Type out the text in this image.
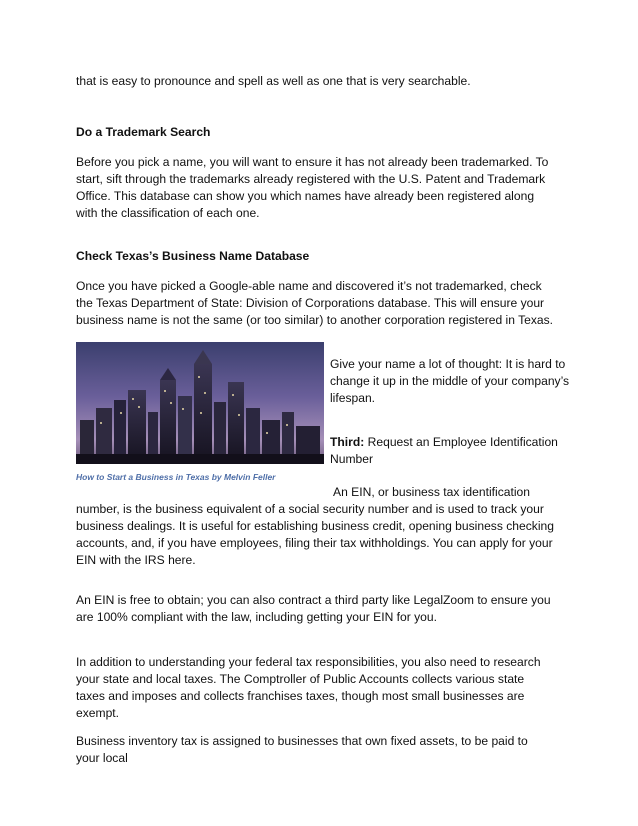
that is easy to pronounce and spell as well as one that is very searchable.

Do a Trademark Search

Before you pick a name, you will want to ensure it has not already been trademarked. To start, sift through the trademarks already registered with the U.S. Patent and Trademark Office. This database can show you which names have already been registered along with the classification of each one.

Check Texas’s Business Name Database

Once you have picked a Google-able name and discovered it’s not trademarked, check the Texas Department of State: Division of Corporations database. This will ensure your business name is not the same (or too similar) to another corporation registered in Texas.

How to Start a Business in Texas by Melvin Feller

Give your name a lot of thought: It is hard to change it up in the middle of your company’s lifespan.

Third: Request an Employee Identification Number

An EIN, or business tax identification

number, is the business equivalent of a social security number and is used to track your business dealings. It is useful for establishing business credit, opening business checking accounts, and, if you have employees, filing their tax withholdings. You can apply for your EIN with the IRS here.

An EIN is free to obtain; you can also contract a third party like LegalZoom to ensure you are 100% compliant with the law, including getting your EIN for you.

In addition to understanding your federal tax responsibilities, you also need to research your state and local taxes. The Comptroller of Public Accounts collects various state taxes and imposes and collects franchises taxes, though most small businesses are exempt.

Business inventory tax is assigned to businesses that own fixed assets, to be paid to your local
